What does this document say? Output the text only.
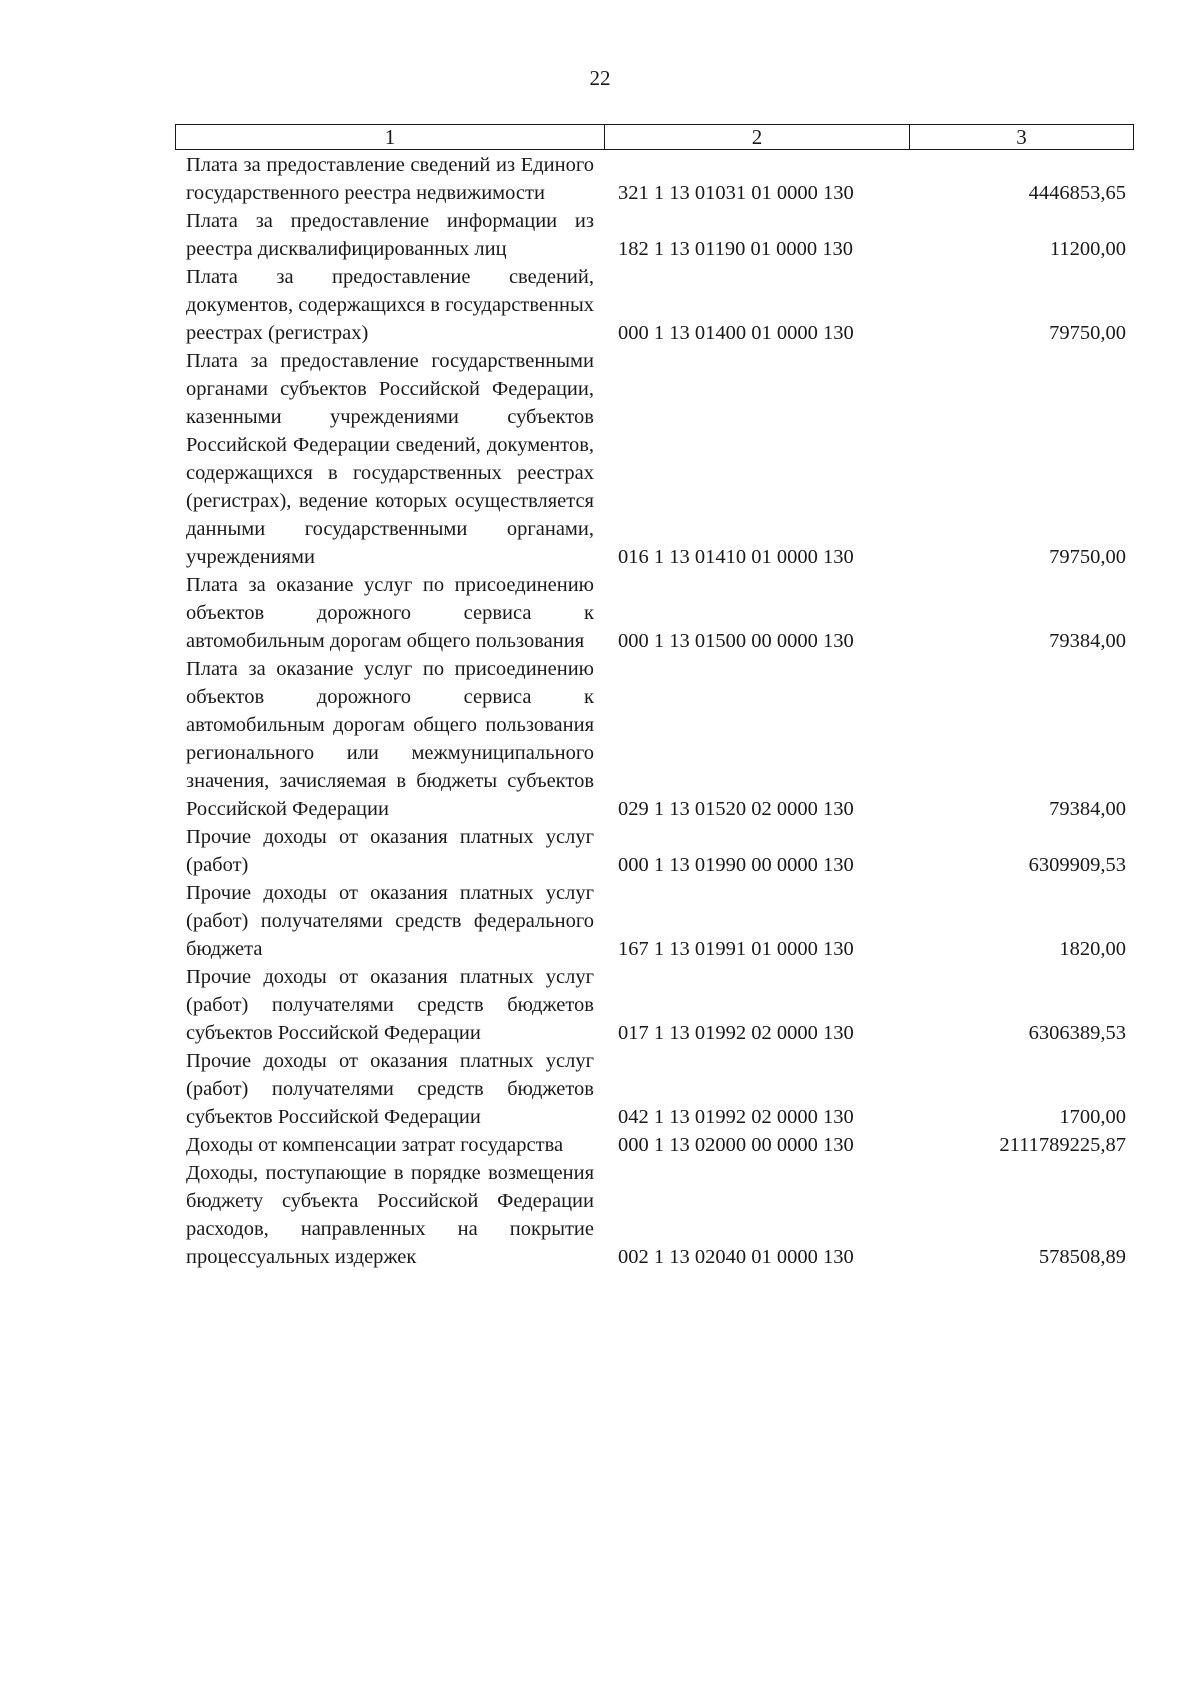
22
1	2	3
Плата за предоставление сведений из Единого государственного реестра недвижимости	321 1 13 01031 01 0000 130	4446853,65
Плата за предоставление информации из реестра дисквалифицированных лиц	182 1 13 01190 01 0000 130	11200,00
Плата за предоставление сведений, документов, содержащихся в государственных реестрах (регистрах)	000 1 13 01400 01 0000 130	79750,00
Плата за предоставление государственными органами субъектов Российской Федерации, казенными учреждениями субъектов Российской Федерации сведений, документов, содержащихся в государственных реестрах (регистрах), ведение которых осуществляется данными государственными органами, учреждениями	016 1 13 01410 01 0000 130	79750,00
Плата за оказание услуг по присоединению объектов дорожного сервиса к автомобильным дорогам общего пользования	000 1 13 01500 00 0000 130	79384,00
Плата за оказание услуг по присоединению объектов дорожного сервиса к автомобильным дорогам общего пользования регионального или межмуниципального значения, зачисляемая в бюджеты субъектов Российской Федерации	029 1 13 01520 02 0000 130	79384,00
Прочие доходы от оказания платных услуг (работ)	000 1 13 01990 00 0000 130	6309909,53
Прочие доходы от оказания платных услуг (работ) получателями средств федерального бюджета	167 1 13 01991 01 0000 130	1820,00
Прочие доходы от оказания платных услуг (работ) получателями средств бюджетов субъектов Российской Федерации	017 1 13 01992 02 0000 130	6306389,53
Прочие доходы от оказания платных услуг (работ) получателями средств бюджетов субъектов Российской Федерации	042 1 13 01992 02 0000 130	1700,00
Доходы от компенсации затрат государства	000 1 13 02000 00 0000 130	2111789225,87
Доходы, поступающие в порядке возмещения бюджету субъекта Российской Федерации расходов, направленных на покрытие процессуальных издержек	002 1 13 02040 01 0000 130	578508,89
